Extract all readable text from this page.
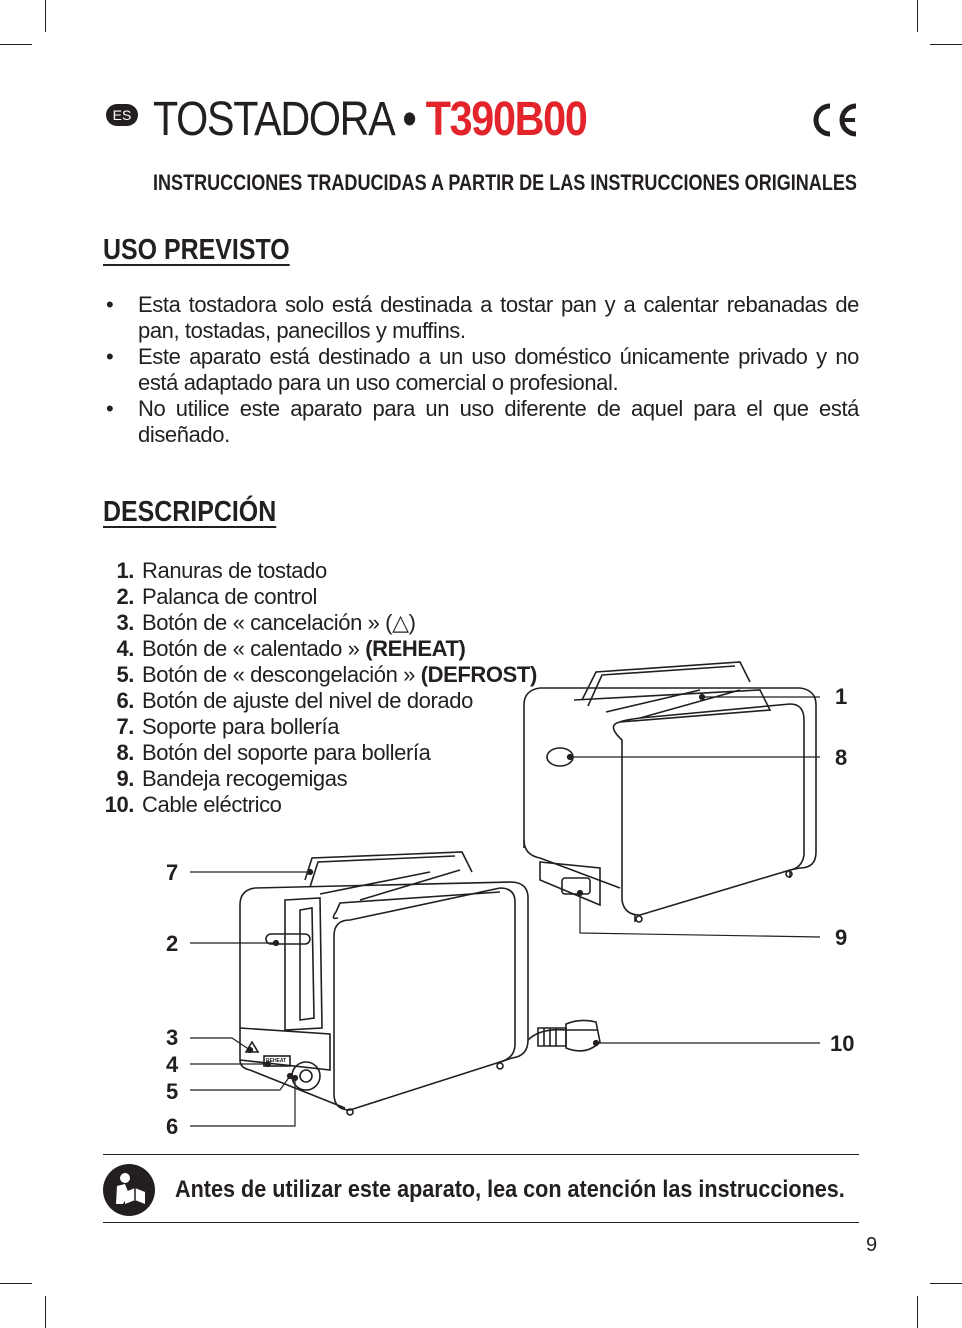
ES TOSTADORA • T390B00
INSTRUCCIONES TRADUCIDAS A PARTIR DE LAS INSTRUCCIONES ORIGINALES
USO PREVISTO
• Esta tostadora solo está destinada a tostar pan y a calentar rebanadas de pan, tostadas, panecillos y muffins.
• Este aparato está destinado a un uso doméstico únicamente privado y no está adaptado para un uso comercial o profesional.
• No utilice este aparato para un uso diferente de aquel para el que está diseñado.
DESCRIPCIÓN
1. Ranuras de tostado
2. Palanca de control
3. Botón de « cancelación » (△)
4. Botón de « calentado » (REHEAT)
5. Botón de « descongelación » (DEFROST)
6. Botón de ajuste del nivel de dorado
7. Soporte para bollería
8. Botón del soporte para bollería
9. Bandeja recogemigas
10. Cable eléctrico
1
8
9
10
7
2
3
4
5
6
REHEAT
Antes de utilizar este aparato, lea con atención las instrucciones.
9
